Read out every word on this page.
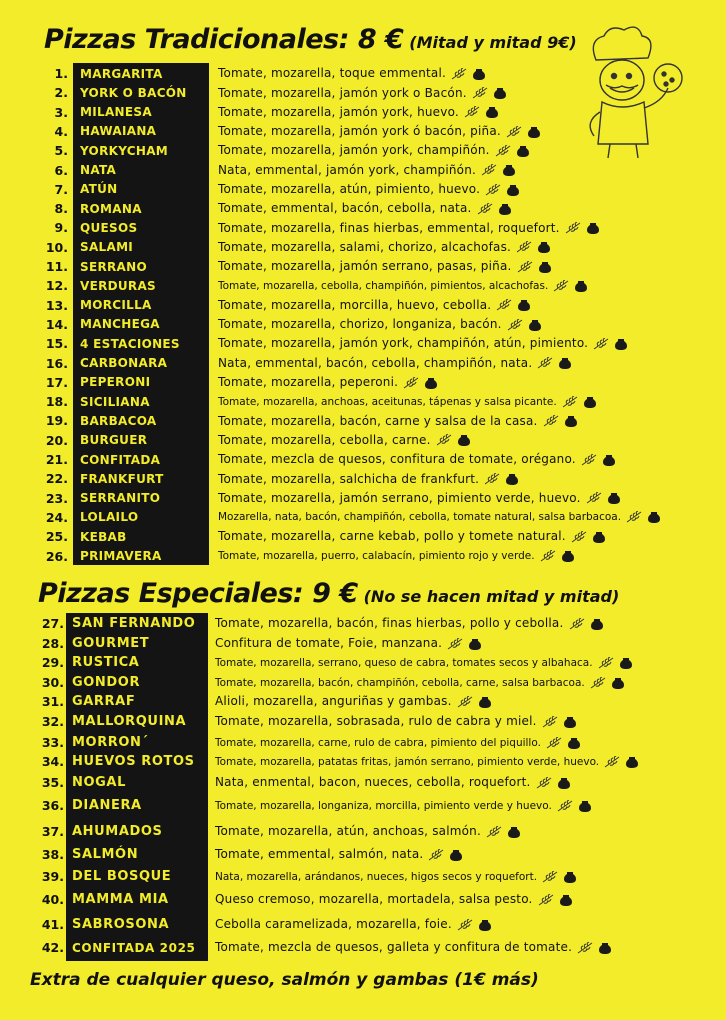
Pizzas Tradicionales: 8 € (Mitad y mitad 9€)
1. MARGARITA	Tomate, mozarella, toque emmental.
2. YORK O BACÓN	Tomate, mozarella, jamón york o Bacón.
3. MILANESA	Tomate, mozarella, jamón york, huevo.
4. HAWAIANA	Tomate, mozarella, jamón york ó bacón, piña.
5. YORKYCHAM	Tomate, mozarella, jamón york, champiñón.
6. NATA	Nata, emmental, jamón york, champiñón.
7. ATÚN	Tomate, mozarella, atún, pimiento, huevo.
8. ROMANA	Tomate, emmental, bacón, cebolla, nata.
9. QUESOS	Tomate, mozarella, finas hierbas, emmental, roquefort.
10. SALAMI	Tomate, mozarella, salami, chorizo, alcachofas.
11. SERRANO	Tomate, mozarella, jamón serrano, pasas, piña.
12. VERDURAS	Tomate, mozarella, cebolla, champiñón, pimientos, alcachofas.
13. MORCILLA	Tomate, mozarella, morcilla, huevo, cebolla.
14. MANCHEGA	Tomate, mozarella, chorizo, longaniza, bacón.
15. 4 ESTACIONES	Tomate, mozarella, jamón york, champiñón, atún, pimiento.
16. CARBONARA	Nata, emmental, bacón, cebolla, champiñón, nata.
17. PEPERONI	Tomate, mozarella, peperoni.
18. SICILIANA	Tomate, mozarella, anchoas, aceitunas, tápenas y salsa picante.
19. BARBACOA	Tomate, mozarella, bacón, carne y salsa de la casa.
20. BURGUER	Tomate, mozarella, cebolla, carne.
21. CONFITADA	Tomate, mezcla de quesos, confitura de tomate, orégano.
22. FRANKFURT	Tomate, mozarella, salchicha de frankfurt.
23. SERRANITO	Tomate, mozarella, jamón serrano, pimiento verde, huevo.
24. LOLAILO	Mozarella, nata, bacón, champiñón, cebolla, tomate natural, salsa barbacoa.
25. KEBAB	Tomate, mozarella, carne kebab, pollo y tomete natural.
26. PRIMAVERA	Tomate, mozarella, puerro, calabacín, pimiento rojo y verde.
Pizzas Especiales: 9 € (No se hacen mitad y mitad)
27. SAN FERNANDO Tomate, mozarella, bacón, finas hierbas, pollo y cebolla.
28. GOURMET	Confitura de tomate, Foie, manzana.
29. RUSTICA	Tomate, mozarella, serrano, queso de cabra, tomates secos y albahaca.
30. GONDOR	Tomate, mozarella, bacón, champiñón, cebolla, carne, salsa barbacoa.
31. GARRAF	Alioli, mozarella, anguriñas y gambas.
32. MALLORQUINA Tomate, mozarella, sobrasada, rulo de cabra y miel.
33. MORRON´	Tomate, mozarella, carne, rulo de cabra, pimiento del piquillo.
34. HUEVOS ROTOS Tomate, mozarella, patatas fritas, jamón serrano, pimiento verde, huevo.
35. NOGAL	Nata, enmental, bacon, nueces, cebolla, roquefort.
36. DIANERA	Tomate, mozarella, longaniza, morcilla, pimiento verde y huevo.
37. AHUMADOS	Tomate, mozarella, atún, anchoas, salmón.
38. SALMÓN	Tomate, emmental, salmón, nata.
39. DEL BOSQUE	Nata, mozarella, arándanos, nueces, higos secos y roquefort.
40. MAMMA MIA	Queso cremoso, mozarella, mortadela, salsa pesto.
41. SABROSONA	Cebolla caramelizada, mozarella, foie.
42. CONFITADA 2025 Tomate, mezcla de quesos, galleta y confitura de tomate.
Extra de cualquier queso, salmón y gambas (1€ más)
